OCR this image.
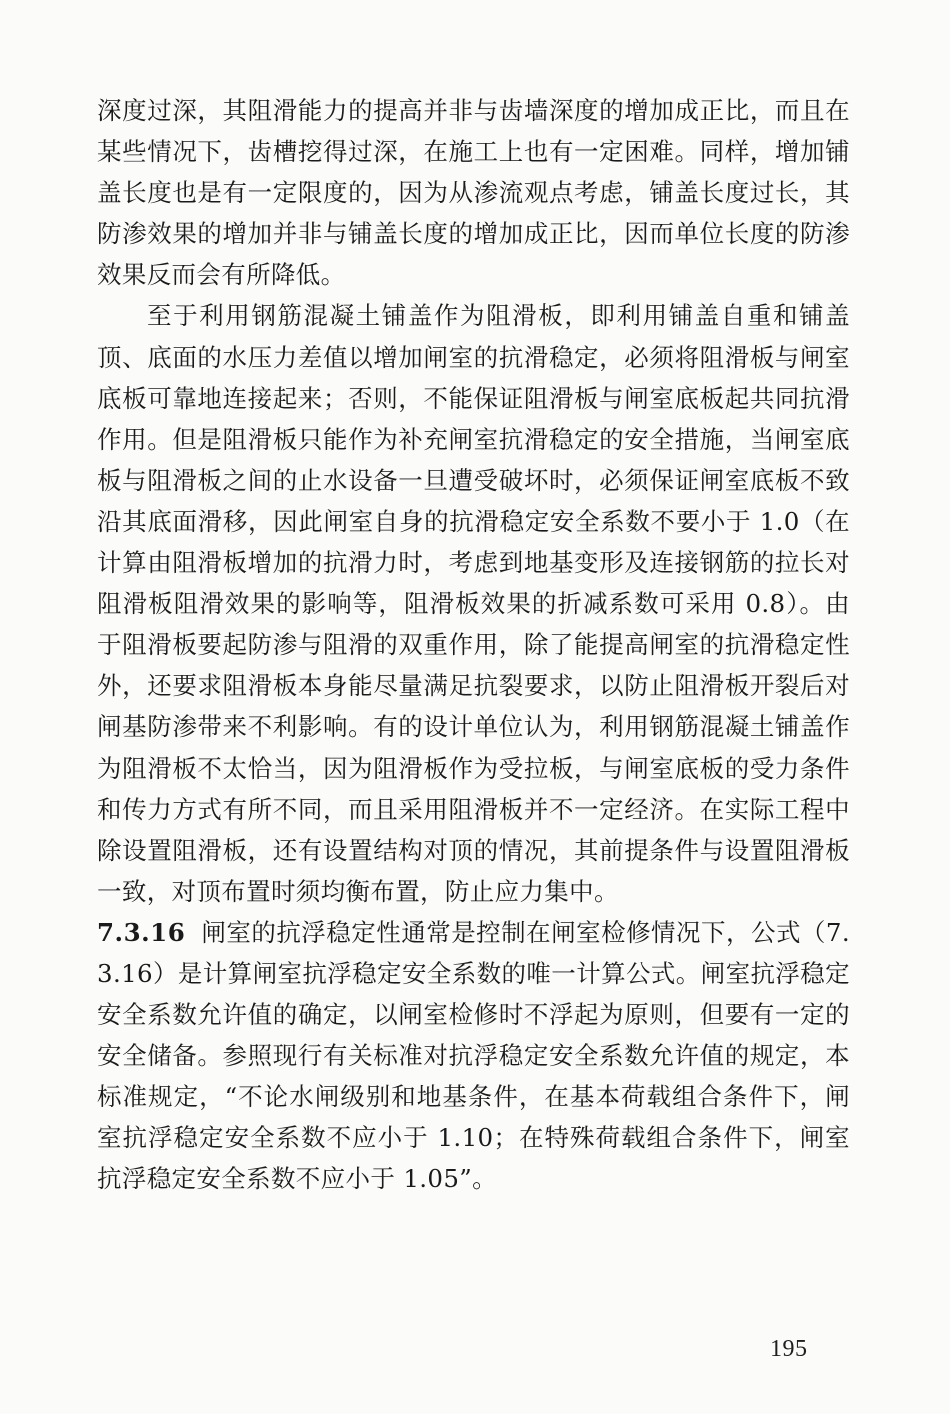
深度过深，其阻滑能力的提高并非与齿墙深度的增加成正比，而且在某些情况下，齿槽挖得过深，在施工上也有一定困难。同样，增加铺盖长度也是有一定限度的，因为从渗流观点考虑，铺盖长度过长，其防渗效果的增加并非与铺盖长度的增加成正比，因而单位长度的防渗效果反而会有所降低。

至于利用钢筋混凝土铺盖作为阻滑板，即利用铺盖自重和铺盖顶、底面的水压力差值以增加闸室的抗滑稳定，必须将阻滑板与闸室底板可靠地连接起来；否则，不能保证阻滑板与闸室底板起共同抗滑作用。但是阻滑板只能作为补充闸室抗滑稳定的安全措施，当闸室底板与阻滑板之间的止水设备一旦遭受破坏时，必须保证闸室底板不致沿其底面滑移，因此闸室自身的抗滑稳定安全系数不要小于 1.0（在计算由阻滑板增加的抗滑力时，考虑到地基变形及连接钢筋的拉长对阻滑板阻滑效果的影响等，阻滑板效果的折减系数可采用 0.8）。由于阻滑板要起防渗与阻滑的双重作用，除了能提高闸室的抗滑稳定性外，还要求阻滑板本身能尽量满足抗裂要求，以防止阻滑板开裂后对闸基防渗带来不利影响。有的设计单位认为，利用钢筋混凝土铺盖作为阻滑板不太恰当，因为阻滑板作为受拉板，与闸室底板的受力条件和传力方式有所不同，而且采用阻滑板并不一定经济。在实际工程中除设置阻滑板，还有设置结构对顶的情况，其前提条件与设置阻滑板一致，对顶布置时须均衡布置，防止应力集中。

7.3.16 闸室的抗浮稳定性通常是控制在闸室检修情况下，公式（7.3.16）是计算闸室抗浮稳定安全系数的唯一计算公式。闸室抗浮稳定安全系数允许值的确定，以闸室检修时不浮起为原则，但要有一定的安全储备。参照现行有关标准对抗浮稳定安全系数允许值的规定，本标准规定，“不论水闸级别和地基条件，在基本荷载组合条件下，闸室抗浮稳定安全系数不应小于 1.10；在特殊荷载组合条件下，闸室抗浮稳定安全系数不应小于 1.05”。

195
